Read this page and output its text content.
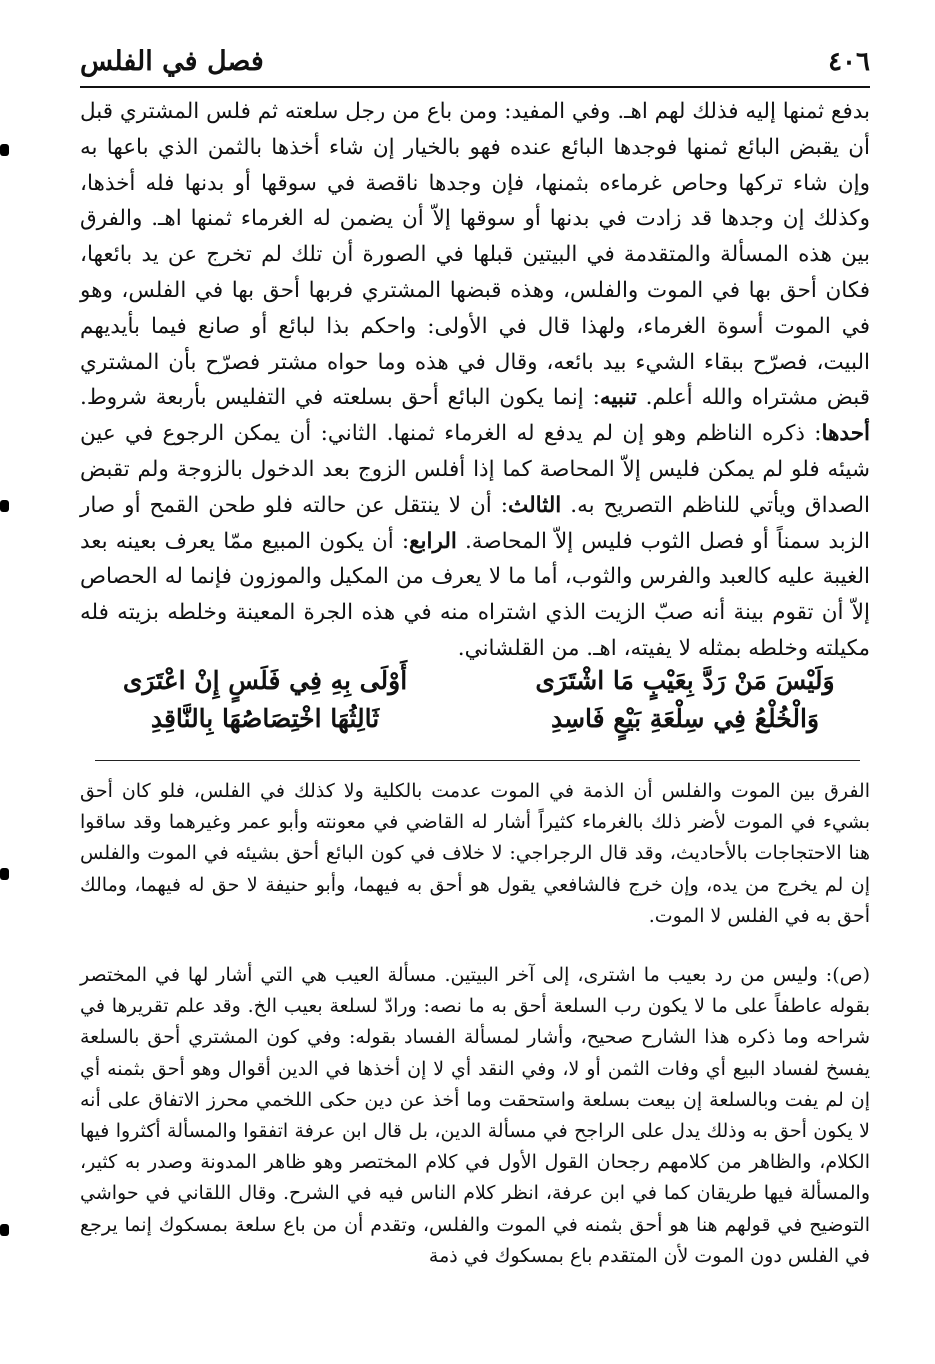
٤٠٦
فصل في الفلس

بدفع ثمنها إليه فذلك لهم اهـ. وفي المفيد: ومن باع من رجل سلعته ثم فلس المشتري قبل أن يقبض البائع ثمنها فوجدها البائع عنده فهو بالخيار إن شاء أخذها بالثمن الذي باعها به وإن شاء تركها وحاص غرماءه بثمنها، فإن وجدها ناقصة في سوقها أو بدنها فله أخذها، وكذلك إن وجدها قد زادت في بدنها أو سوقها إلاّ أن يضمن له الغرماء ثمنها اهـ. والفرق بين هذه المسألة والمتقدمة في البيتين قبلها في الصورة أن تلك لم تخرج عن يد بائعها، فكان أحق بها في الموت والفلس، وهذه قبضها المشتري فربها أحق بها في الفلس، وهو في الموت أسوة الغرماء، ولهذا قال في الأولى: واحكم بذا لبائع أو صانع فيما بأيديهم البيت، فصرّح ببقاء الشيء بيد بائعه، وقال في هذه وما حواه مشتر فصرّح بأن المشتري قبض مشتراه والله أعلم. تنبيه: إنما يكون البائع أحق بسلعته في التفليس بأربعة شروط. أحدها: ذكره الناظم وهو إن لم يدفع له الغرماء ثمنها. الثاني: أن يمكن الرجوع في عين شيئه فلو لم يمكن فليس إلاّ المحاصة كما إذا أفلس الزوج بعد الدخول بالزوجة ولم تقبض الصداق ويأتي للناظم التصريح به. الثالث: أن لا ينتقل عن حالته فلو طحن القمح أو صار الزبد سمناً أو فصل الثوب فليس إلاّ المحاصة. الرابع: أن يكون المبيع ممّا يعرف بعينه بعد الغيبة عليه كالعبد والفرس والثوب، أما ما لا يعرف من المكيل والموزون فإنما له الحصاص إلاّ أن تقوم بينة أنه صبّ الزيت الذي اشتراه منه في هذه الجرة المعينة وخلطه بزيته فله مكيلته وخلطه بمثله لا يفيته، اهـ. من القلشاني.

وَلَيْسَ مَنْ رَدَّ بِعَيْبٍ مَا اشْتَرَى
أَوْلَى بِهِ فِي فَلَسٍ إِنْ اعْتَرَى
وَالْخُلْعُ فِي سِلْعَةِ بَيْعٍ فَاسِدِ
ثَالِثُهَا اخْتِصَاصُهَا بِالنَّاقِدِ

الفرق بين الموت والفلس أن الذمة في الموت عدمت بالكلية ولا كذلك في الفلس، فلو كان أحق بشيء في الموت لأضر ذلك بالغرماء كثيراً أشار له القاضي في معونته وأبو عمر وغيرهما وقد ساقوا هنا الاحتجاجات بالأحاديث، وقد قال الرجراجي: لا خلاف في كون البائع أحق بشيئه في الموت والفلس إن لم يخرج من يده، وإن خرج فالشافعي يقول هو أحق به فيهما، وأبو حنيفة لا حق له فيهما، ومالك أحق به في الفلس لا الموت.

(ص): وليس من رد بعيب ما اشترى، إلى آخر البيتين. مسألة العيب هي التي أشار لها في المختصر بقوله عاطفاً على ما لا يكون رب السلعة أحق به ما نصه: ورادّ لسلعة بعيب الخ. وقد علم تقريرها في شراحه وما ذكره هذا الشارح صحيح، وأشار لمسألة الفساد بقوله: وفي كون المشتري أحق بالسلعة يفسخ لفساد البيع أي وفات الثمن أو لا، وفي النقد أي لا إن أخذها في الدين أقوال وهو أحق بثمنه أي إن لم يفت وبالسلعة إن بيعت بسلعة واستحقت وما أخذ عن دين حكى اللخمي محرز الاتفاق على أنه لا يكون أحق به وذلك يدل على الراجح في مسألة الدين، بل قال ابن عرفة اتفقوا والمسألة أكثروا فيها الكلام، والظاهر من كلامهم رجحان القول الأول في كلام المختصر وهو ظاهر المدونة وصدر به كثير، والمسألة فيها طريقان كما في ابن عرفة، انظر كلام الناس فيه في الشرح. وقال اللقاني في حواشي التوضيح في قولهم هنا هو أحق بثمنه في الموت والفلس، وتقدم أن من باع سلعة بمسكوك إنما يرجع في الفلس دون الموت لأن المتقدم باع بمسكوك في ذمة
